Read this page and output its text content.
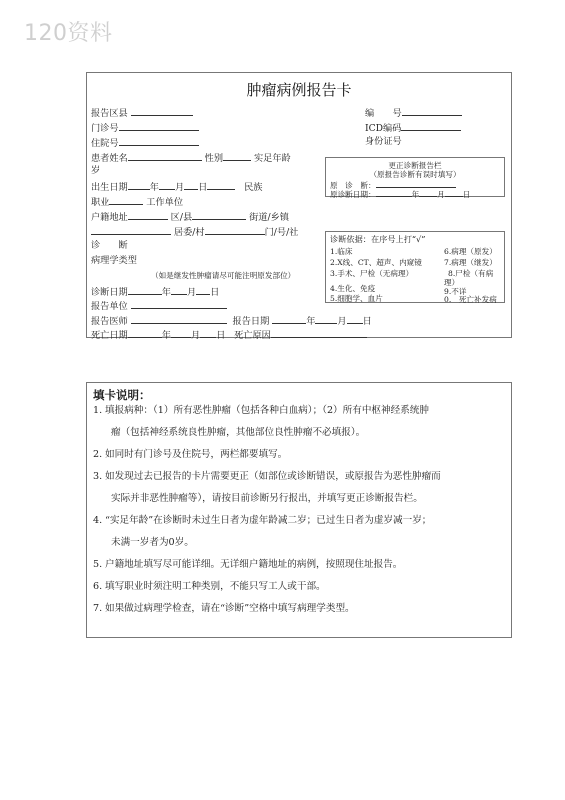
120资料
肿瘤病例报告卡
报告区县	编　　号
门诊号	ICD编码
住院号	身份证号
患者姓名	性别	实足年龄
岁
出生日期 年 月 日	民族
职业	工作单位
户籍地址	区/县	街道/乡镇
居委/村	门/号/社
诊　　断
病理学类型
（如是继发性肿瘤请尽可能注明原发部位）
诊断日期	年 月 日
报告单位
报告医师	报告日期	年 月 日
死亡日期	年 月 日 死亡原因
更正诊断报告栏
（原报告诊断有误时填写）
原　诊　断：
原诊断日期：	年 月 日
诊断依据：在序号上打“√”
1.临床	6.病理（原发）
2.X线、CT、超声、内窥镜	7.病理（继发）
3.手术、尸检（无病理）	8.尸检（有病
理）
4.生化、免疫	9.不详
5.细胞学、血片	0.　死亡补发病
填卡说明：
1. 填报病种：（1）所有恶性肿瘤（包括各种白血病）；（2）所有中枢神经系统肿
瘤（包括神经系统良性肿瘤，其他部位良性肿瘤不必填报）。
2. 如同时有门诊号及住院号，两栏都要填写。
3. 如发现过去已报告的卡片需要更正（如部位或诊断错误，或原报告为恶性肿瘤而
实际并非恶性肿瘤等），请按目前诊断另行报出，并填写更正诊断报告栏。
4. “实足年龄”在诊断时未过生日者为虚年龄减二岁；已过生日者为虚岁减一岁；
未满一岁者为0岁。
5. 户籍地址填写尽可能详细。无详细户籍地址的病例，按照现住址报告。
6. 填写职业时须注明工种类别，不能只写工人或干部。
7. 如果做过病理学检查，请在“诊断”空格中填写病理学类型。
